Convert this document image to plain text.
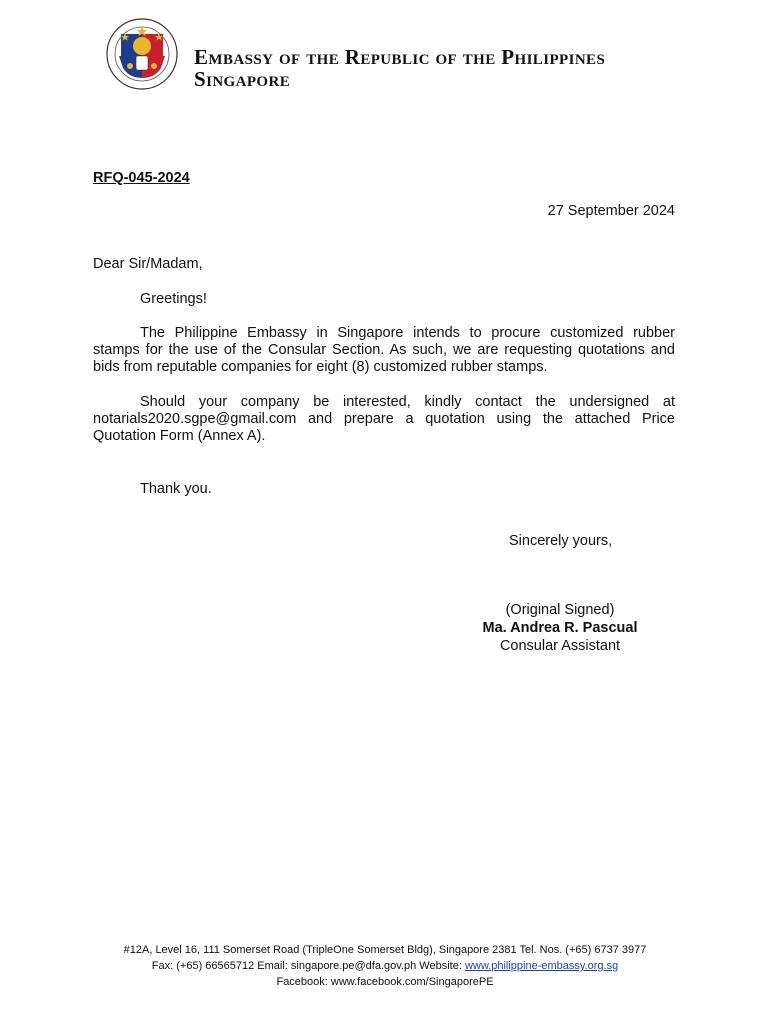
Embassy of the Republic of the Philippines
Singapore
RFQ-045-2024
27 September 2024
Dear Sir/Madam,
Greetings!
The Philippine Embassy in Singapore intends to procure customized rubber stamps for the use of the Consular Section. As such, we are requesting quotations and bids from reputable companies for eight (8) customized rubber stamps.
Should your company be interested, kindly contact the undersigned at notarials2020.sgpe@gmail.com and prepare a quotation using the attached Price Quotation Form (Annex A).
Thank you.
Sincerely yours,
(Original Signed)
Ma. Andrea R. Pascual
Consular Assistant
#12A, Level 16, 111 Somerset Road (TripleOne Somerset Bldg), Singapore 2381 Tel. Nos. (+65) 6737 3977
Fax: (+65) 66565712 Email: singapore.pe@dfa.gov.ph Website: www.philippine-embassy.org.sg
Facebook: www.facebook.com/SingaporePE
